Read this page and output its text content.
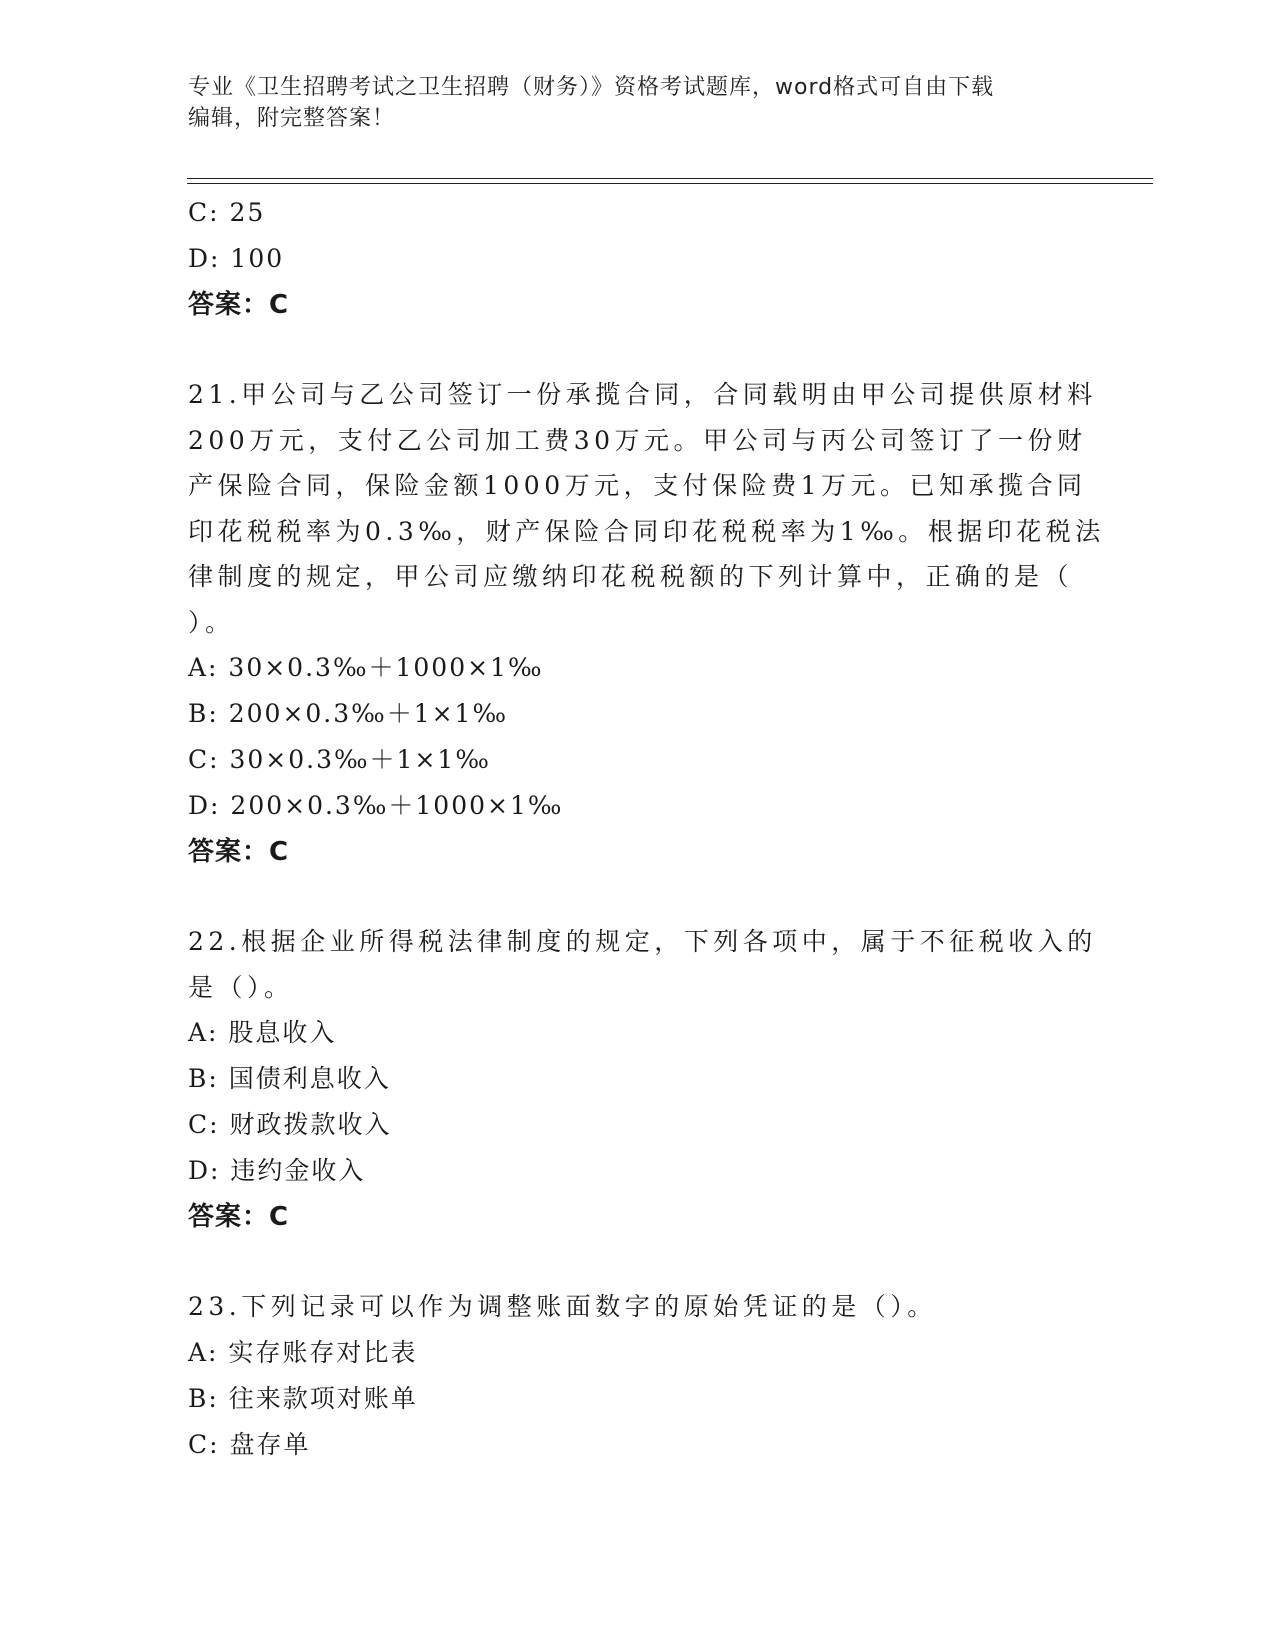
专业《卫生招聘考试之卫生招聘（财务）》资格考试题库，word格式可自由下载
编辑，附完整答案！
C: 25
D: 100
答案：C
21.甲公司与乙公司签订一份承揽合同，合同载明由甲公司提供原材料
200万元，支付乙公司加工费30万元。甲公司与丙公司签订了一份财
产保险合同，保险金额1000万元，支付保险费1万元。已知承揽合同
印花税税率为0.3‰，财产保险合同印花税税率为1‰。根据印花税法
律制度的规定，甲公司应缴纳印花税税额的下列计算中，正确的是（
）。
A: 30×0.3‰＋1000×1‰
B: 200×0.3‰＋1×1‰
C: 30×0.3‰＋1×1‰
D: 200×0.3‰＋1000×1‰
答案：C
22.根据企业所得税法律制度的规定，下列各项中，属于不征税收入的
是（）。
A: 股息收入
B: 国债利息收入
C: 财政拨款收入
D: 违约金收入
答案：C
23.下列记录可以作为调整账面数字的原始凭证的是（）。
A: 实存账存对比表
B: 往来款项对账单
C: 盘存单
